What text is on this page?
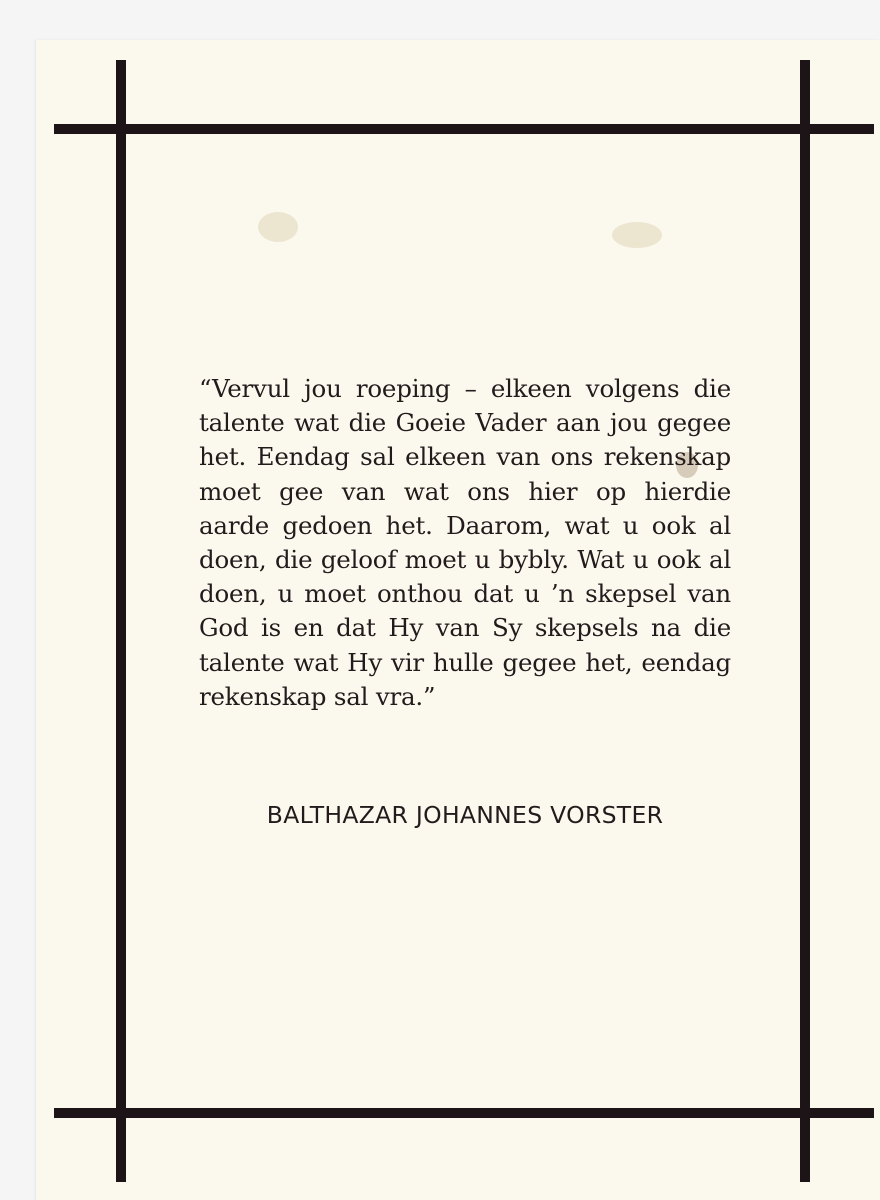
“Vervul jou roeping – elkeen volgens die talente wat die Goeie Vader aan jou gegee het. Eendag sal elkeen van ons rekenskap moet gee van wat ons hier op hierdie aarde gedoen het. Daarom, wat u ook al doen, die geloof moet u bybly. Wat u ook al doen, u moet onthou dat u ’n skepsel van God is en dat Hy van Sy skepsels na die talente wat Hy vir hulle gegee het, eendag rekenskap sal vra.”

BALTHAZAR JOHANNES VORSTER
